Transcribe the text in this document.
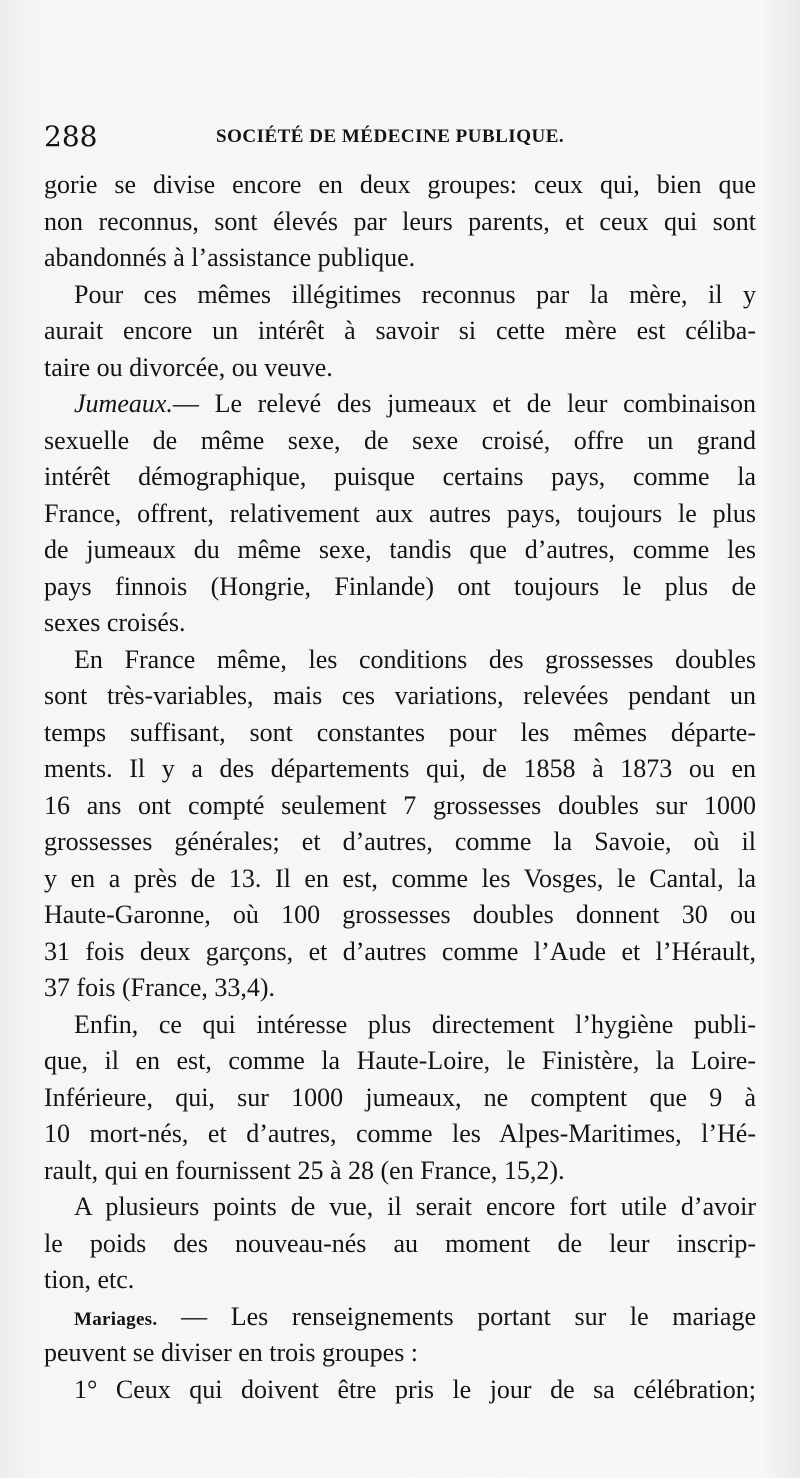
288	SOCIÉTÉ DE MÉDECINE PUBLIQUE.
gorie se divise encore en deux groupes: ceux qui, bien que
non reconnus, sont élevés par leurs parents, et ceux qui sont
abandonnés à l’assistance publique.
Pour ces mêmes illégitimes reconnus par la mère, il y
aurait encore un intérêt à savoir si cette mère est céliba-
taire ou divorcée, ou veuve.
Jumeaux.— Le relevé des jumeaux et de leur combinaison
sexuelle de même sexe, de sexe croisé, offre un grand
intérêt démographique, puisque certains pays, comme la
France, offrent, relativement aux autres pays, toujours le plus
de jumeaux du même sexe, tandis que d’autres, comme les
pays finnois (Hongrie, Finlande) ont toujours le plus de
sexes croisés.
En France même, les conditions des grossesses doubles
sont très-variables, mais ces variations, relevées pendant un
temps suffisant, sont constantes pour les mêmes départe-
ments. Il y a des départements qui, de 1858 à 1873 ou en
16 ans ont compté seulement 7 grossesses doubles sur 1000
grossesses générales; et d’autres, comme la Savoie, où il
y en a près de 13. Il en est, comme les Vosges, le Cantal, la
Haute-Garonne, où 100 grossesses doubles donnent 30 ou
31 fois deux garçons, et d’autres comme l’Aude et l’Hérault,
37 fois (France, 33,4).
Enfin, ce qui intéresse plus directement l’hygiène publi-
que, il en est, comme la Haute-Loire, le Finistère, la Loire-
Inférieure, qui, sur 1000 jumeaux, ne comptent que 9 à
10 mort-nés, et d’autres, comme les Alpes-Maritimes, l’Hé-
rault, qui en fournissent 25 à 28 (en France, 15,2).
A plusieurs points de vue, il serait encore fort utile d’avoir
le poids des nouveau-nés au moment de leur inscrip-
tion, etc.
Mariages. — Les renseignements portant sur le mariage
peuvent se diviser en trois groupes :
1° Ceux qui doivent être pris le jour de sa célébration;
